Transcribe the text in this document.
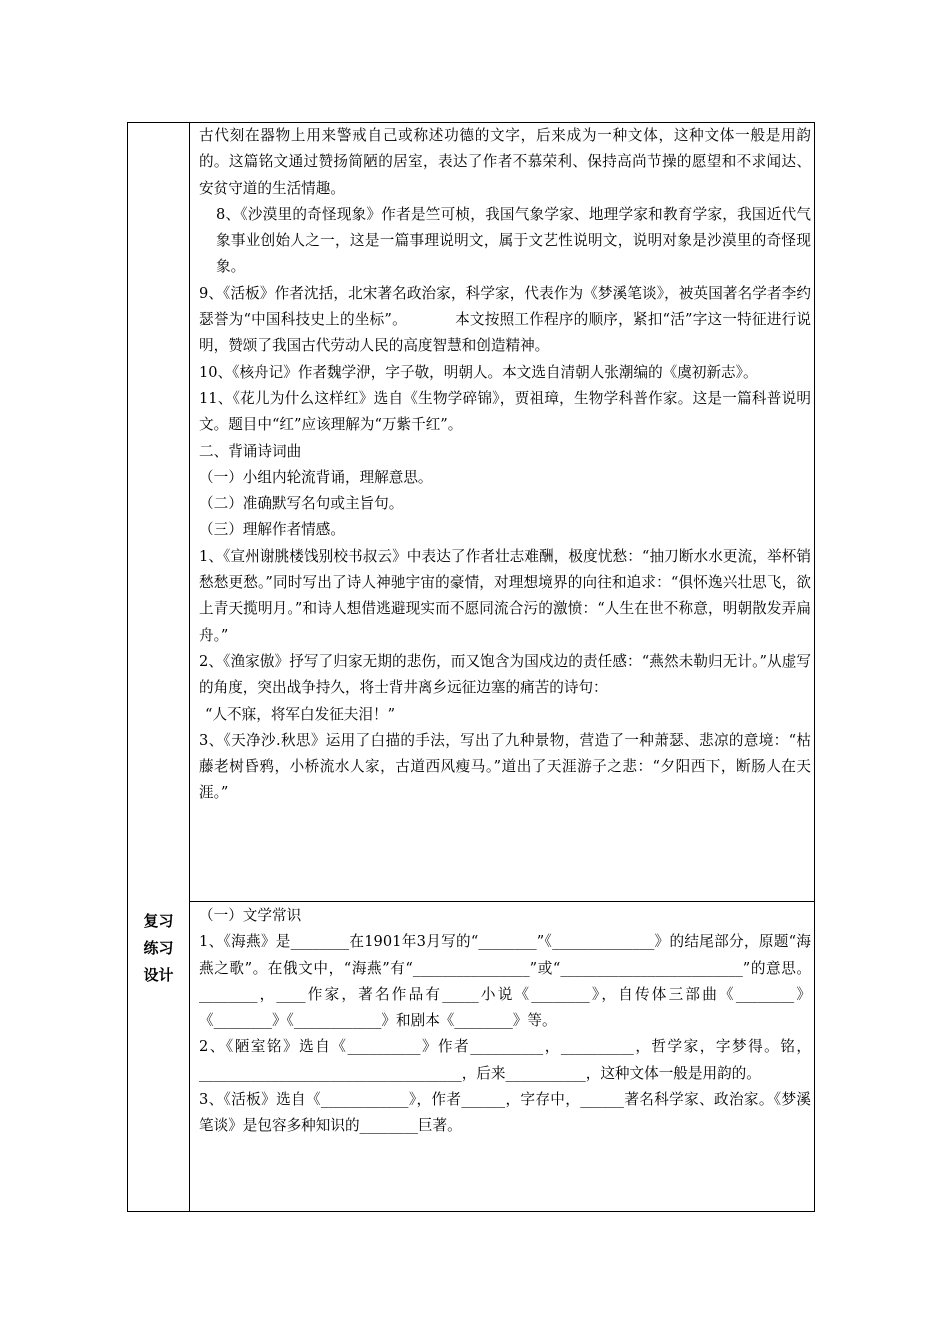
古代刻在器物上用来警戒自己或称述功德的文字，后来成为一种文体，这种文体一般是用韵的。这篇铭文通过赞扬简陋的居室，表达了作者不慕荣利、保持高尚节操的愿望和不求闻达、安贫守道的生活情趣。

8、《沙漠里的奇怪现象》作者是竺可桢，我国气象学家、地理学家和教育学家，我国近代气象事业创始人之一，这是一篇事理说明文，属于文艺性说明文，说明对象是沙漠里的奇怪现象。

9、《活板》作者沈括，北宋著名政治家，科学家，代表作为《梦溪笔谈》，被英国著名学者李约瑟誉为“中国科技史上的坐标”。	本文按照工作程序的顺序，紧扣“活”字这一特征进行说明，赞颂了我国古代劳动人民的高度智慧和创造精神。

10、《核舟记》作者魏学洢，字子敬，明朝人。本文选自清朝人张潮编的《虞初新志》。

11、《花儿为什么这样红》选自《生物学碎锦》，贾祖璋，生物学科普作家。这是一篇科普说明文。题目中“红”应该理解为“万紫千红”。

二、背诵诗词曲

（一）小组内轮流背诵，理解意思。

（二）准确默写名句或主旨句。

（三）理解作者情感。

1、《宣州谢朓楼饯别校书叔云》中表达了作者壮志难酬，极度忧愁：“抽刀断水水更流，举杯销愁愁更愁。”同时写出了诗人神驰宇宙的豪情，对理想境界的向往和追求：“俱怀逸兴壮思飞，欲上青天揽明月。”和诗人想借逃避现实而不愿同流合污的激愤：“人生在世不称意，明朝散发弄扁舟。”

2、《渔家傲》抒写了归家无期的悲伤，而又饱含为国戍边的责任感：“燕然未勒归无计。”从虚写的角度，突出战争持久，将士背井离乡远征边塞的痛苦的诗句：

“人不寐，将军白发征夫泪！”

3、《天净沙.秋思》运用了白描的手法，写出了九种景物，营造了一种萧瑟、悲凉的意境：“枯藤老树昏鸦，小桥流水人家，古道西风瘦马。”道出了天涯游子之悲：“夕阳西下，断肠人在天涯。”

复习
练习
设计

（一）文学常识

1、《海燕》是________在1901年3月写的“________”《______________》的结尾部分，原题“海燕之歌”。在俄文中，“海燕”有“________________”或“_________________________”的意思。________，____作家，著名作品有_____小说《________》，自传体三部曲《________》《________》《____________》和剧本《________》等。

2、《陋室铭》选自《__________》作者__________，__________，哲学家，字梦得。铭，____________________________________，后来___________，这种文体一般是用韵的。

3、《活板》选自《____________》，作者______，字存中，______著名科学家、政治家。《梦溪笔谈》是包容多种知识的________巨著。
